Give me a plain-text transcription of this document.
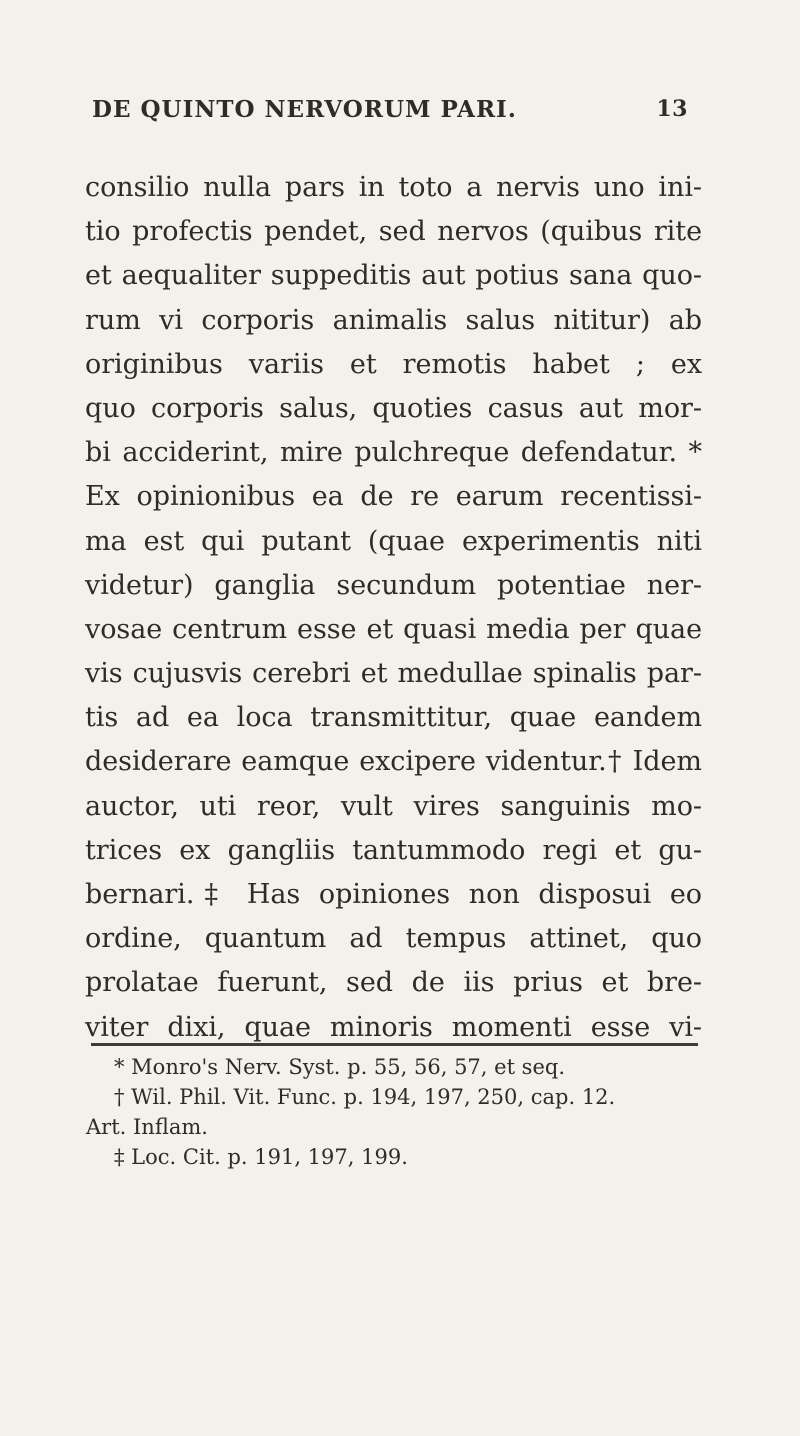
DE QUINTO NERVORUM PARI.	13
consilio nulla pars in toto a nervis uno ini-
tio profectis pendet, sed nervos (quibus rite
et aequaliter suppeditis aut potius sana quo-
rum vi corporis animalis salus nititur) ab
originibus variis et remotis habet ; ex
quo corporis salus, quoties casus aut mor-
bi acciderint, mire pulchreque defendatur. *
Ex opinionibus ea de re earum recentissi-
ma est qui putant (quae experimentis niti
videtur) ganglia secundum potentiae ner-
vosae centrum esse et quasi media per quae
vis cujusvis cerebri et medullae spinalis par-
tis ad ea loca transmittitur, quae eandem
desiderare eamque excipere videntur.† Idem
auctor, uti reor, vult vires sanguinis mo-
trices ex gangliis tantummodo regi et gu-
bernari.‡ Has opiniones non disposui eo
ordine, quantum ad tempus attinet, quo
prolatae fuerunt, sed de iis prius et bre-
viter dixi, quae minoris momenti esse vi-
* Monro's Nerv. Syst. p. 55, 56, 57, et seq.
† Wil. Phil. Vit. Func. p. 194, 197, 250, cap. 12.
Art. Inflam.
‡ Loc. Cit. p. 191, 197, 199.
